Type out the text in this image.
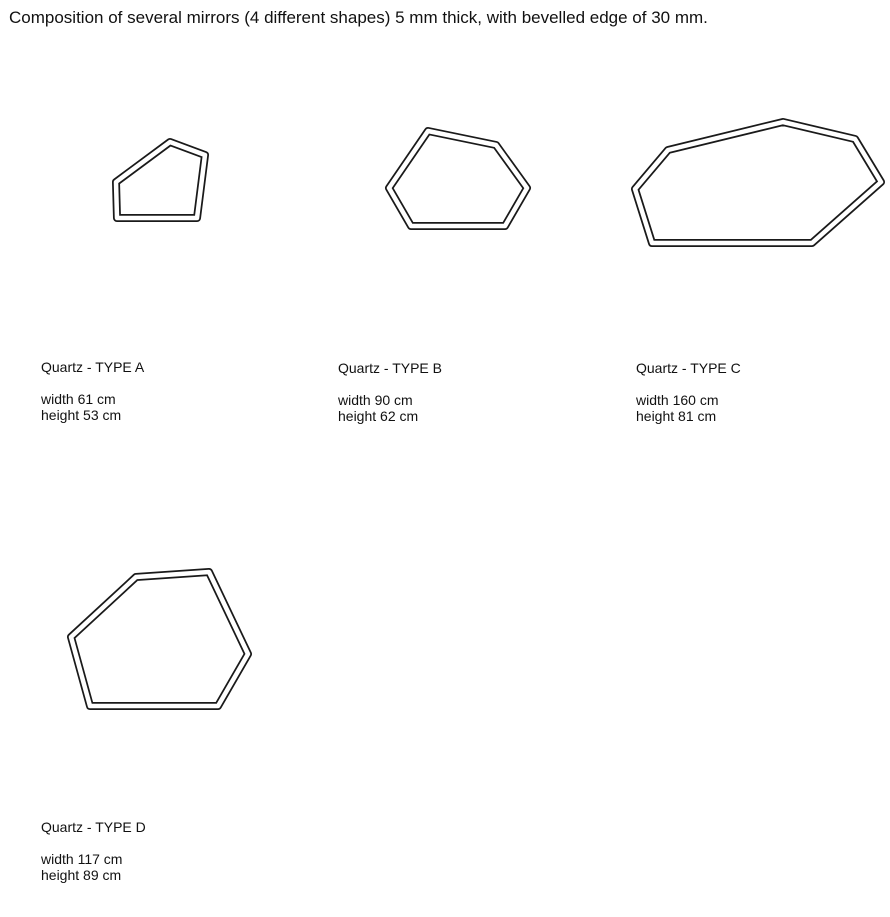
Composition of several mirrors (4 different shapes) 5 mm thick, with bevelled edge of 30 mm.
Quartz - TYPE A
width 61 cm
height 53 cm
Quartz - TYPE B
width 90 cm
height 62 cm
Quartz - TYPE C
width 160 cm
height 81 cm
Quartz - TYPE D
width 117 cm
height 89 cm
